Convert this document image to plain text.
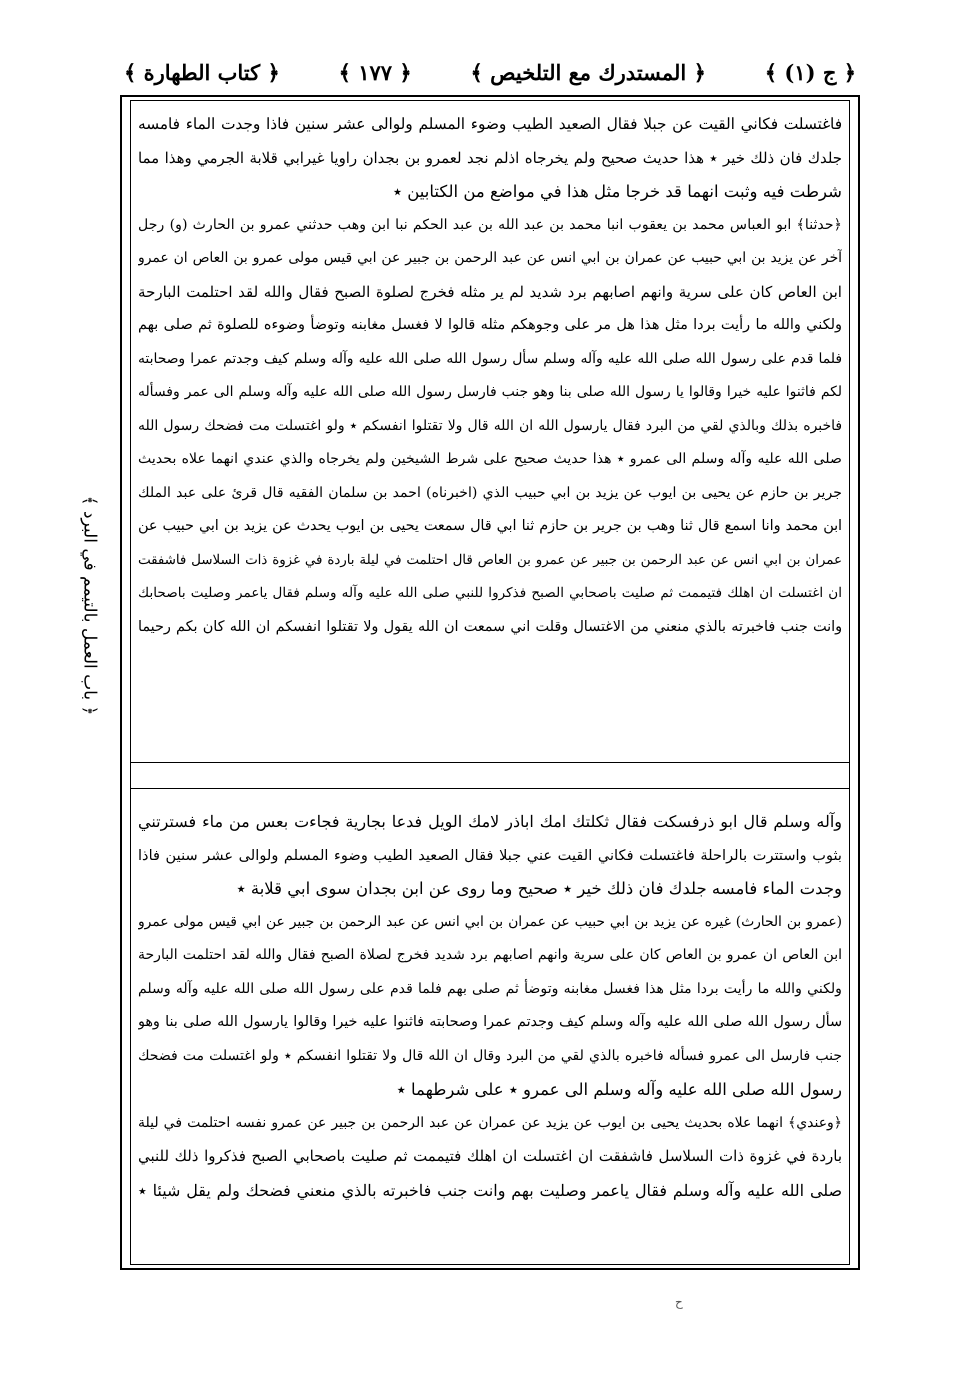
﴿ ج (١) ﴾
﴿ المستدرك مع التلخيص ﴾
﴿ ١٧٧ ﴾
﴿ كتاب الطهارة ﴾
فاغتسلت فكاني القيت عن جبلا فقال الصعيد الطيب وضوء المسلم ولوالى عشر سنين فاذا وجدت الماء فامسه
جلدك فان ذلك خير ٭ هذا حديث صحيح ولم يخرجاه اذلم نجد لعمرو بن بجدان راويا غيرابي قلابة الجرمي وهذا مما
شرطت فيه وثبت انهما قد خرجا مثل هذا في مواضع من الكتابين ٭
﴿حدثنا﴾ ابو العباس محمد بن يعقوب انبا محمد بن عبد الله بن عبد الحكم نبا ابن وهب حدثني عمرو بن الحارث (و) رجل
آخر عن يزيد بن ابي حبيب عن عمران بن ابي انس عن عبد الرحمن بن جبير عن ابي قيس مولى عمرو بن العاص ان عمرو
ابن العاص كان على سرية وانهم اصابهم برد شديد لم ير مثله فخرج لصلوة الصبح فقال والله لقد احتلمت البارحة
ولكني والله ما رأيت بردا مثل هذا هل مر على وجوهكم مثله قالوا لا فغسل مغابنه وتوضأ وضوءه للصلوة ثم صلى بهم
فلما قدم على رسول الله صلى الله عليه وآله وسلم سأل رسول الله صلى الله عليه وآله وسلم كيف وجدتم عمرا وصحابته
لكم فاثنوا عليه خيرا وقالوا يا رسول الله صلى بنا وهو جنب فارسل رسول الله صلى الله عليه وآله وسلم الى عمر وفسأله
فاخبره بذلك وبالذي لقي من البرد فقال يارسول الله ان الله قال ولا تقتلوا انفسكم ٭ ولو اغتسلت مت فضحك رسول الله
صلى الله عليه وآله وسلم الى عمرو ٭ هذا حديث صحيح على شرط الشيخين ولم يخرجاه والذي عندي انهما علاه بحديث
جرير بن حازم عن يحيى بن ايوب عن يزيد بن ابي حبيب الذي (اخبرناه) احمد بن سلمان الفقيه قال قرئ على عبد الملك
ابن محمد وانا اسمع قال ثنا وهب بن جرير بن حازم ثنا ابي قال سمعت يحيى بن ايوب يحدث عن يزيد بن ابي حبيب عن
عمران بن ابي انس عن عبد الرحمن بن جبير عن عمرو بن العاص قال احتلمت في ليلة باردة في غزوة ذات السلاسل فاشفقت
ان اغتسلت ان اهلك فتيممت ثم صليت باصحابي الصبح فذكروا للنبي صلى الله عليه وآله وسلم فقال ياعمر وصليت باصحابك
وانت جنب فاخبرته بالذي منعني من الاغتسال وقلت اني سمعت ان الله يقول ولا تقتلوا انفسكم ان الله كان بكم رحيما
وآله وسلم قال ابو ذرفسكت فقال ثكلتك امك اباذر لامك الويل فدعا بجارية فجاءت بعس من ماء فسترتني
بثوب واستترت بالراحلة فاغتسلت فكاني القيت عني جبلا فقال الصعيد الطيب وضوء المسلم ولوالى عشر سنين فاذا
وجدت الماء فامسه جلدك فان ذلك خير ٭ صحيح وما روى عن ابن بجدان سوى ابي قلابة ٭
(عمرو بن الحارث) غيره عن يزيد بن ابي حبيب عن عمران بن ابي انس عن عبد الرحمن بن جبير عن ابي قيس مولى عمرو
ابن العاص ان عمرو بن العاص كان على سرية وانهم اصابهم برد شديد فخرج لصلاة الصبح فقال والله لقد احتلمت البارحة
ولكني والله ما رأيت بردا مثل هذا فغسل مغابنه وتوضأ ثم صلى بهم فلما قدم على رسول الله صلى الله عليه وآله وسلم
سأل رسول الله صلى الله عليه وآله وسلم كيف وجدتم عمرا وصحابته فاثنوا عليه خيرا وقالوا يارسول الله صلى بنا وهو
جنب فارسل الى عمرو فسأله فاخبره بالذي لقي من البرد وقال ان الله قال ولا تقتلوا انفسكم ٭ ولو اغتسلت مت فضحك
رسول الله صلى الله عليه وآله وسلم الى عمرو ٭ على شرطهما ٭
﴿وعندي﴾ انهما علاه بحديث يحيى بن ايوب عن يزيد عن عمران عن عبد الرحمن بن جبير عن عمرو نفسه احتلمت في ليلة
باردة في غزوة ذات السلاسل فاشفقت ان اغتسلت ان اهلك فتيممت ثم صليت باصحابي الصبح فذكروا ذلك للنبي
صلى الله عليه وآله وسلم فقال ياعمر وصليت بهم وانت جنب فاخبرته بالذي منعني فضحك ولم يقل شيئا ٭
﴿ باب العمل بالتيمم في البرد ﴾
ح
